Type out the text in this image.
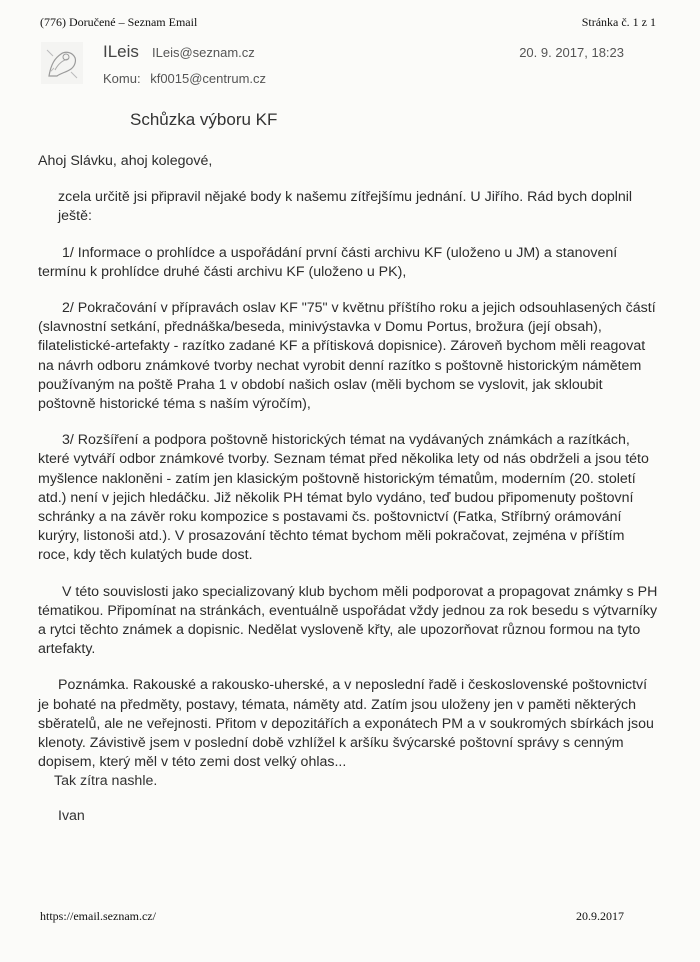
(776) Doručené – Seznam Email	Stránka č. 1 z 1
ILeis ILeis@seznam.cz	20. 9. 2017, 18:23
Komu: kf0015@centrum.cz
Schůzka výboru KF

Ahoj Slávku, ahoj kolegové,

zcela určitě jsi připravil nějaké body k našemu zítřejšímu jednání. U Jiřího. Rád bych doplnil ještě:

1/ Informace o prohlídce a uspořádání první části archivu KF (uloženo u JM) a stanovení termínu k prohlídce druhé části archivu KF (uloženo u PK),

2/ Pokračování v přípravách oslav KF "75" v květnu příštího roku a jejich odsouhlasených částí (slavnostní setkání, přednáška/beseda, minivýstavka v Domu Portus, brožura (její obsah), filatelistické-artefakty - razítko zadané KF a přítisková dopisnice). Zároveň bychom měli reagovat na návrh odboru známkové tvorby nechat vyrobit denní razítko s poštovně historickým námětem používaným na poště Praha 1 v období našich oslav (měli bychom se vyslovit, jak skloubit poštovně historické téma s naším výročím),

3/ Rozšíření a podpora poštovně historických témat na vydávaných známkách a razítkách, které vytváří odbor známkové tvorby. Seznam témat před několika lety od nás obdrželi a jsou této myšlence nakloněni - zatím jen klasickým poštovně historickým tématům, moderním (20. století atd.) není v jejich hledáčku. Již několik PH témat bylo vydáno, teď budou připomenuty poštovní schránky a na závěr roku kompozice s postavami čs. poštovnictví (Fatka, Stříbrný orámování kurýry, listonoši atd.). V prosazování těchto témat bychom měli pokračovat, zejména v příštím roce, kdy těch kulatých bude dost.

V této souvislosti jako specializovaný klub bychom měli podporovat a propagovat známky s PH tématikou. Připomínat na stránkách, eventuálně uspořádat vždy jednou za rok besedu s výtvarníky a rytci těchto známek a dopisnic. Nedělat vysloveně křty, ale upozorňovat různou formou na tyto artefakty.

Poznámka. Rakouské a rakousko-uherské, a v neposlední řadě i československé poštovnictví je bohaté na předměty, postavy, témata, náměty atd. Zatím jsou uloženy jen v paměti některých sběratelů, ale ne veřejnosti. Přitom v depozitářích a exponátech PM a v soukromých sbírkách jsou klenoty. Závistivě jsem v poslední době vzhlížel k aršíku švýcarské poštovní správy s cenným dopisem, který měl v této zemi dost velký ohlas...

Tak zítra nashle.
Ivan
https://email.seznam.cz/	20.9.2017
